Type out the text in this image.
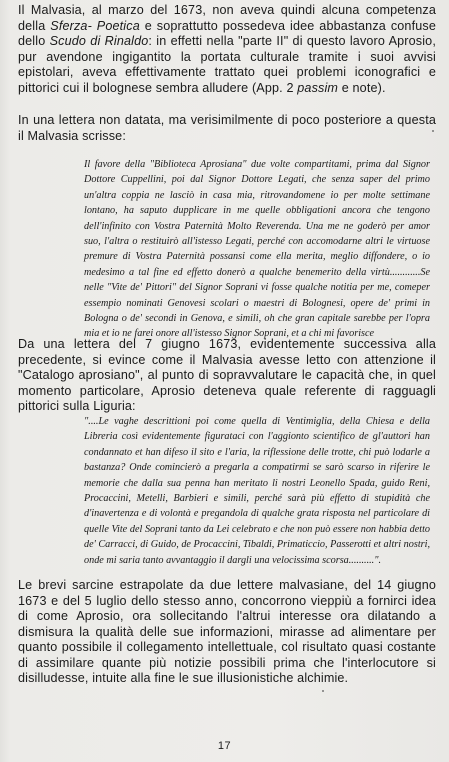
Il Malvasia, al marzo del 1673, non aveva quindi alcuna competenza della Sferza- Poetica e soprattutto possedeva idee abbastanza confuse dello Scudo di Rinaldo: in effetti nella "parte II" di questo lavoro Aprosio, pur avendone ingigantito la portata culturale tramite i suoi avvisi epistolari, aveva effettivamente trattato quei problemi iconografici e pittorici cui il bolognese sembra alludere (App. 2 passim e note).

In una lettera non datata, ma verisimilmente di poco posteriore a questa il Malvasia scrisse:

Il favore della "Biblioteca Aprosiana" due volte compartitami, prima dal Signor Dottore Cuppellini, poi dal Signor Dottore Legati, che senza saper del primo un'altra coppia ne lasciò in casa mia, ritrovandomene io per molte settimane lontano, ha saputo dupplicare in me quelle obbligationi ancora che tengono dell'infinito con Vostra Paternità Molto Reverenda. Una me ne goderò per amor suo, l'altra o restituirò all'istesso Legati, perché con accomodarne altri le virtuose premure di Vostra Paternità possansi come ella merita, meglio diffondere, o io medesimo a tal fine ed effetto donerò a qualche benemerito della virtù............Se nelle "Vite de' Pittori" del Signor Soprani vi fosse qualche notitia per me, comeper essempio nominati Genovesi scolari o maestri di Bolognesi, opere de' primi in Bologna o de' secondi in Genova, e simili, oh che gran capitale sarebbe per l'opra mia et io ne farei onore all'istesso Signor Soprani, et a chi mi favorisce

Da una lettera del 7 giugno 1673, evidentemente successiva alla precedente, si evince come il Malvasia avesse letto con attenzione il "Catalogo aprosiano", al punto di sopravvalutare le capacità che, in quel momento particolare, Aprosio deteneva quale referente di ragguagli pittorici sulla Liguria:

"....Le vaghe descrittioni poi come quella di Ventimiglia, della Chiesa e della Libreria così evidentemente figurataci con l'aggionto scientifico de gl'auttori han condannato et han difeso il sito e l'aria, la riflessione delle trotte, chi può lodarle a bastanza? Onde comincierò a pregarla a compatirmi se sarò scarso in riferire le memorie che dalla sua penna han meritato li nostri Leonello Spada, guido Reni, Procaccini, Metelli, Barbieri e simili, perché sarà più effetto di stupidità che d'inavertenza e di volontà e pregandola di qualche grata risposta nel particolare di quelle Vite del Soprani tanto da Lei celebrato e che non può essere non habbia detto de' Carracci, di Guido, de Procaccini, Tibaldi, Primaticcio, Passerotti et altri nostri, onde mi saria tanto avvantaggio il dargli una velocissima scorsa..........".

Le brevi sarcine estrapolate da due lettere malvasiane, del 14 giugno 1673 e del 5 luglio dello stesso anno, concorrono vieppiù a fornirci idea di come Aprosio, ora sollecitando l'altrui interesse ora dilatando a dismisura la qualità delle sue informazioni, mirasse ad alimentare per quanto possibile il collegamento intellettuale, col risultato quasi costante di assimilare quante più notizie possibili prima che l'interlocutore si disilludesse, intuite alla fine le sue illusionistiche alchimie.

17
